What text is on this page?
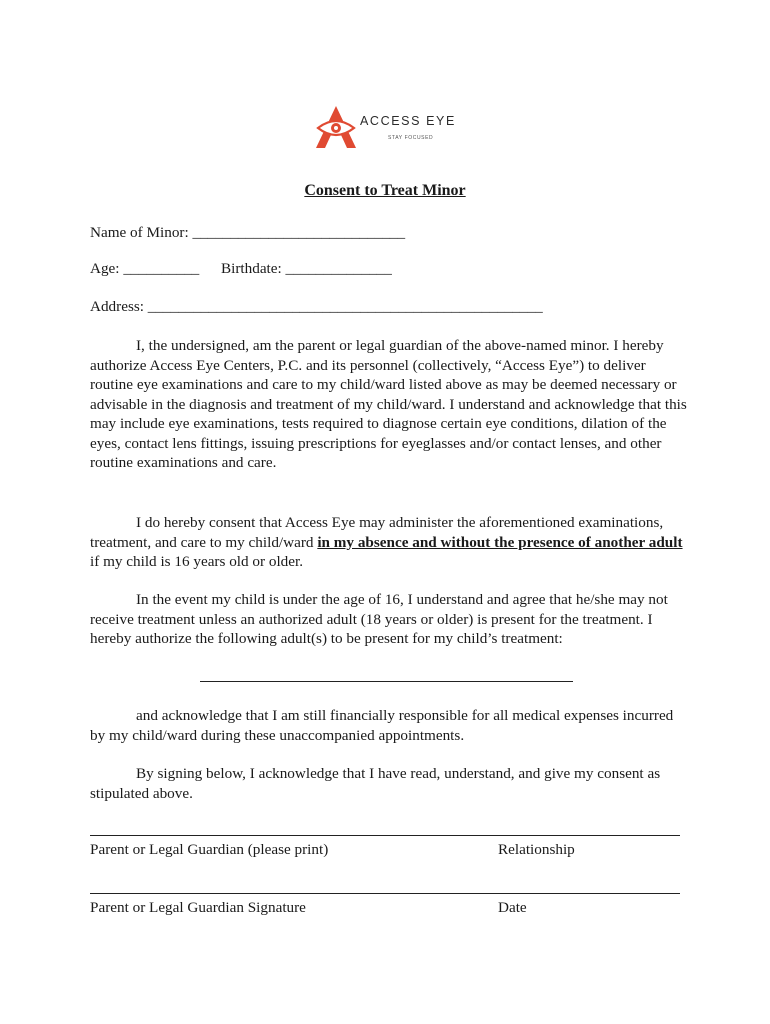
ACCESS EYE
STAY FOCUSED
Consent to Treat Minor
Name of Minor: ____________________________
Age: __________ Birthdate: ______________
Address: ____________________________________________________

I, the undersigned, am the parent or legal guardian of the above-named minor. I hereby authorize Access Eye Centers, P.C. and its personnel (collectively, “Access Eye”) to deliver routine eye examinations and care to my child/ward listed above as may be deemed necessary or advisable in the diagnosis and treatment of my child/ward. I understand and acknowledge that this may include eye examinations, tests required to diagnose certain eye conditions, dilation of the eyes, contact lens fittings, issuing prescriptions for eyeglasses and/or contact lenses, and other routine examinations and care.

I do hereby consent that Access Eye may administer the aforementioned examinations, treatment, and care to my child/ward in my absence and without the presence of another adult if my child is 16 years old or older.

In the event my child is under the age of 16, I understand and agree that he/she may not receive treatment unless an authorized adult (18 years or older) is present for the treatment. I hereby authorize the following adult(s) to be present for my child’s treatment:

and acknowledge that I am still financially responsible for all medical expenses incurred by my child/ward during these unaccompanied appointments.

By signing below, I acknowledge that I have read, understand, and give my consent as stipulated above.

Parent or Legal Guardian (please print)	Relationship
Parent or Legal Guardian Signature	Date
